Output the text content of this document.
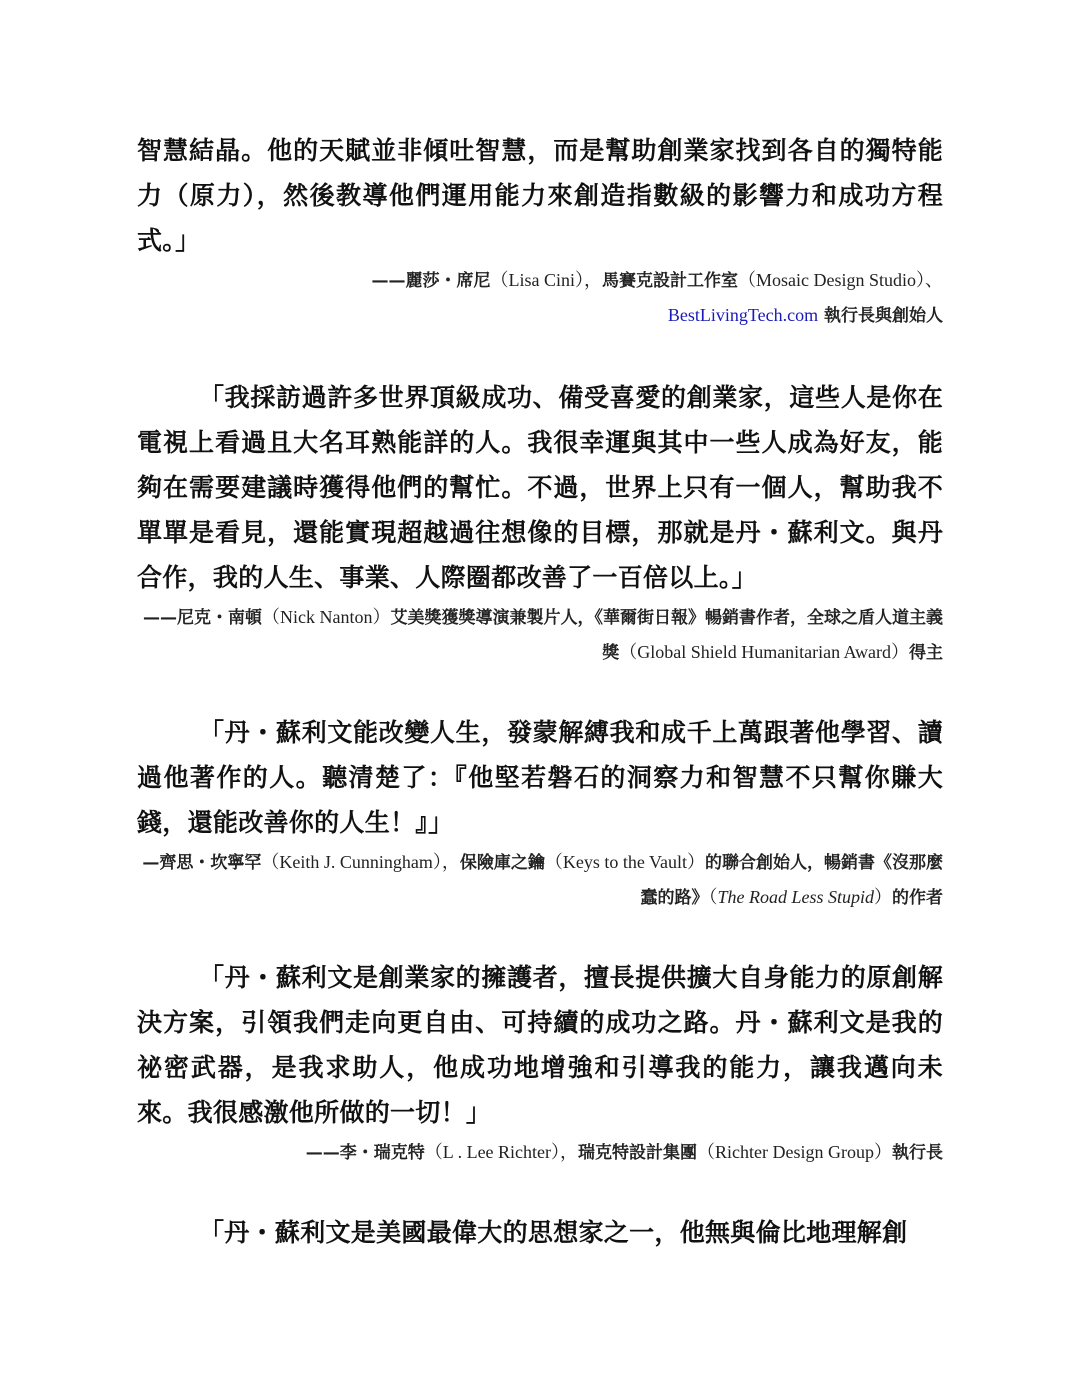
智慧結晶。他的天賦並非傾吐智慧，而是幫助創業家找到各自的獨特能力（原力），然後教導他們運用能力來創造指數級的影響力和成功方程式。」

——麗莎・席尼（Lisa Cini），馬賽克設計工作室（Mosaic Design Studio）、
BestLivingTech.com 執行長與創始人

「我採訪過許多世界頂級成功、備受喜愛的創業家，這些人是你在電視上看過且大名耳熟能詳的人。我很幸運與其中一些人成為好友，能夠在需要建議時獲得他們的幫忙。不過，世界上只有一個人，幫助我不單單是看見，還能實現超越過往想像的目標，那就是丹・蘇利文。與丹合作，我的人生、事業、人際圈都改善了一百倍以上。」

——尼克・南頓（Nick Nanton）艾美獎獲獎導演兼製片人，《華爾街日報》暢銷書作者，全球之盾人道主義獎（Global Shield Humanitarian Award）得主

「丹・蘇利文能改變人生，發蒙解縛我和成千上萬跟著他學習、讀過他著作的人。聽清楚了：『他堅若磐石的洞察力和智慧不只幫你賺大錢，還能改善你的人生！』」

—齊思・坎寧罕（Keith J. Cunningham），保險庫之鑰（Keys to the Vault）的聯合創始人，暢銷書《沒那麼蠢的路》（The Road Less Stupid）的作者

「丹・蘇利文是創業家的擁護者，擅長提供擴大自身能力的原創解決方案，引領我們走向更自由、可持續的成功之路。丹・蘇利文是我的祕密武器，是我求助人，他成功地增強和引導我的能力，讓我邁向未來。我很感激他所做的一切！」

——李・瑞克特（L . Lee Richter），瑞克特設計集團（Richter Design Group）執行長

「丹・蘇利文是美國最偉大的思想家之一，他無與倫比地理解創
